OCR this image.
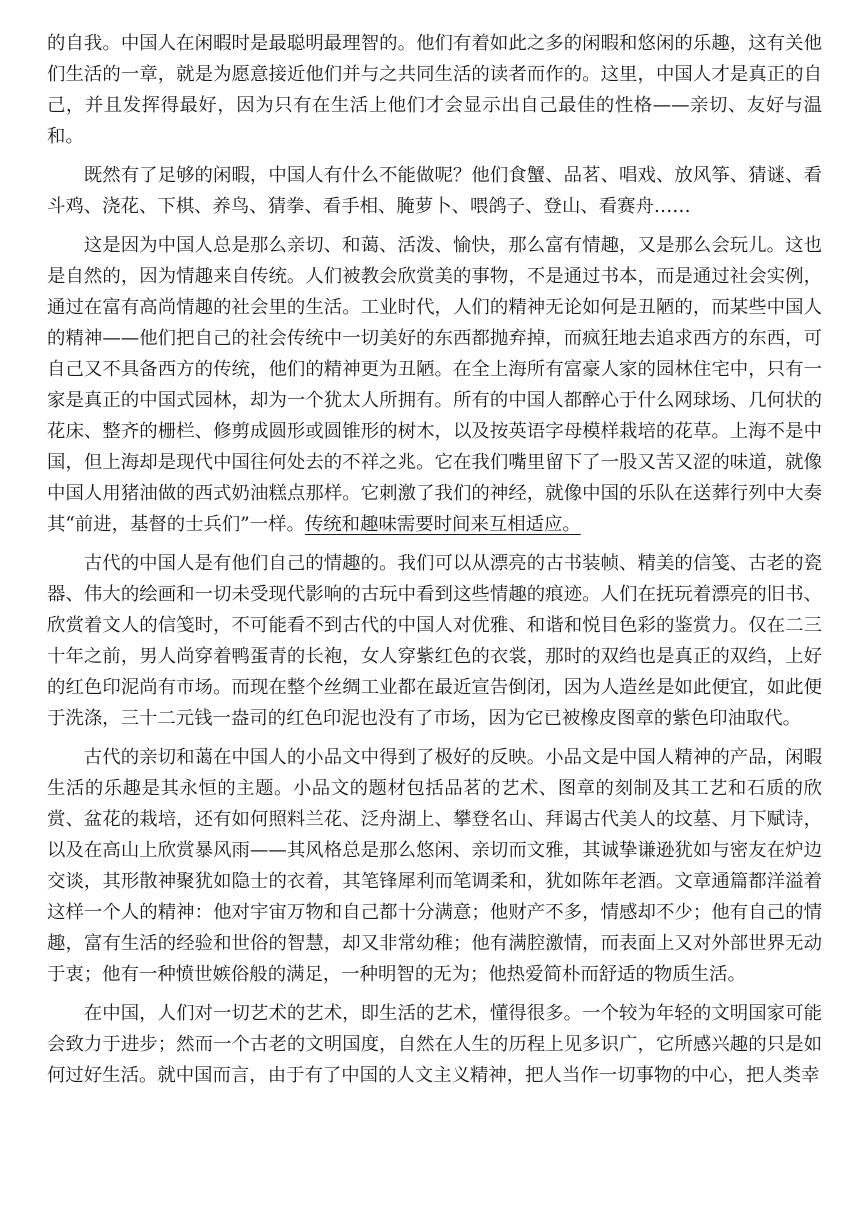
的自我。中国人在闲暇时是最聪明最理智的。他们有着如此之多的闲暇和悠闲的乐趣，这有关他们生活的一章，就是为愿意接近他们并与之共同生活的读者而作的。这里，中国人才是真正的自己，并且发挥得最好，因为只有在生活上他们才会显示出自己最佳的性格——亲切、友好与温和。

既然有了足够的闲暇，中国人有什么不能做呢？他们食蟹、品茗、唱戏、放风筝、猜谜、看斗鸡、浇花、下棋、养鸟、猜拳、看手相、腌萝卜、喂鸽子、登山、看赛舟……

这是因为中国人总是那么亲切、和蔼、活泼、愉快，那么富有情趣，又是那么会玩儿。这也是自然的，因为情趣来自传统。人们被教会欣赏美的事物，不是通过书本，而是通过社会实例，通过在富有高尚情趣的社会里的生活。工业时代，人们的精神无论如何是丑陋的，而某些中国人的精神——他们把自己的社会传统中一切美好的东西都抛弃掉，而疯狂地去追求西方的东西，可自己又不具备西方的传统，他们的精神更为丑陋。在全上海所有富豪人家的园林住宅中，只有一家是真正的中国式园林，却为一个犹太人所拥有。所有的中国人都醉心于什么网球场、几何状的花床、整齐的栅栏、修剪成圆形或圆锥形的树木，以及按英语字母模样栽培的花草。上海不是中国，但上海却是现代中国往何处去的不祥之兆。它在我们嘴里留下了一股又苦又涩的味道，就像中国人用猪油做的西式奶油糕点那样。它刺激了我们的神经，就像中国的乐队在送葬行列中大奏其“前进，基督的士兵们”一样。传统和趣味需要时间来互相适应。

古代的中国人是有他们自己的情趣的。我们可以从漂亮的古书装帧、精美的信笺、古老的瓷器、伟大的绘画和一切未受现代影响的古玩中看到这些情趣的痕迹。人们在抚玩着漂亮的旧书、欣赏着文人的信笺时，不可能看不到古代的中国人对优雅、和谐和悦目色彩的鉴赏力。仅在二三十年之前，男人尚穿着鸭蛋青的长袍，女人穿紫红色的衣裳，那时的双绉也是真正的双绉，上好的红色印泥尚有市场。而现在整个丝绸工业都在最近宣告倒闭，因为人造丝是如此便宜，如此便于洗涤，三十二元钱一盎司的红色印泥也没有了市场，因为它已被橡皮图章的紫色印油取代。

古代的亲切和蔼在中国人的小品文中得到了极好的反映。小品文是中国人精神的产品，闲暇生活的乐趣是其永恒的主题。小品文的题材包括品茗的艺术、图章的刻制及其工艺和石质的欣赏、盆花的栽培，还有如何照料兰花、泛舟湖上、攀登名山、拜谒古代美人的坟墓、月下赋诗，以及在高山上欣赏暴风雨——其风格总是那么悠闲、亲切而文雅，其诚挚谦逊犹如与密友在炉边交谈，其形散神聚犹如隐士的衣着，其笔锋犀利而笔调柔和，犹如陈年老酒。文章通篇都洋溢着这样一个人的精神：他对宇宙万物和自己都十分满意；他财产不多，情感却不少；他有自己的情趣，富有生活的经验和世俗的智慧，却又非常幼稚；他有满腔激情，而表面上又对外部世界无动于衷；他有一种愤世嫉俗般的满足，一种明智的无为；他热爱简朴而舒适的物质生活。

在中国，人们对一切艺术的艺术，即生活的艺术，懂得很多。一个较为年轻的文明国家可能会致力于进步；然而一个古老的文明国度，自然在人生的历程上见多识广，它所感兴趣的只是如何过好生活。就中国而言，由于有了中国的人文主义精神，把人当作一切事物的中心，把人类幸
